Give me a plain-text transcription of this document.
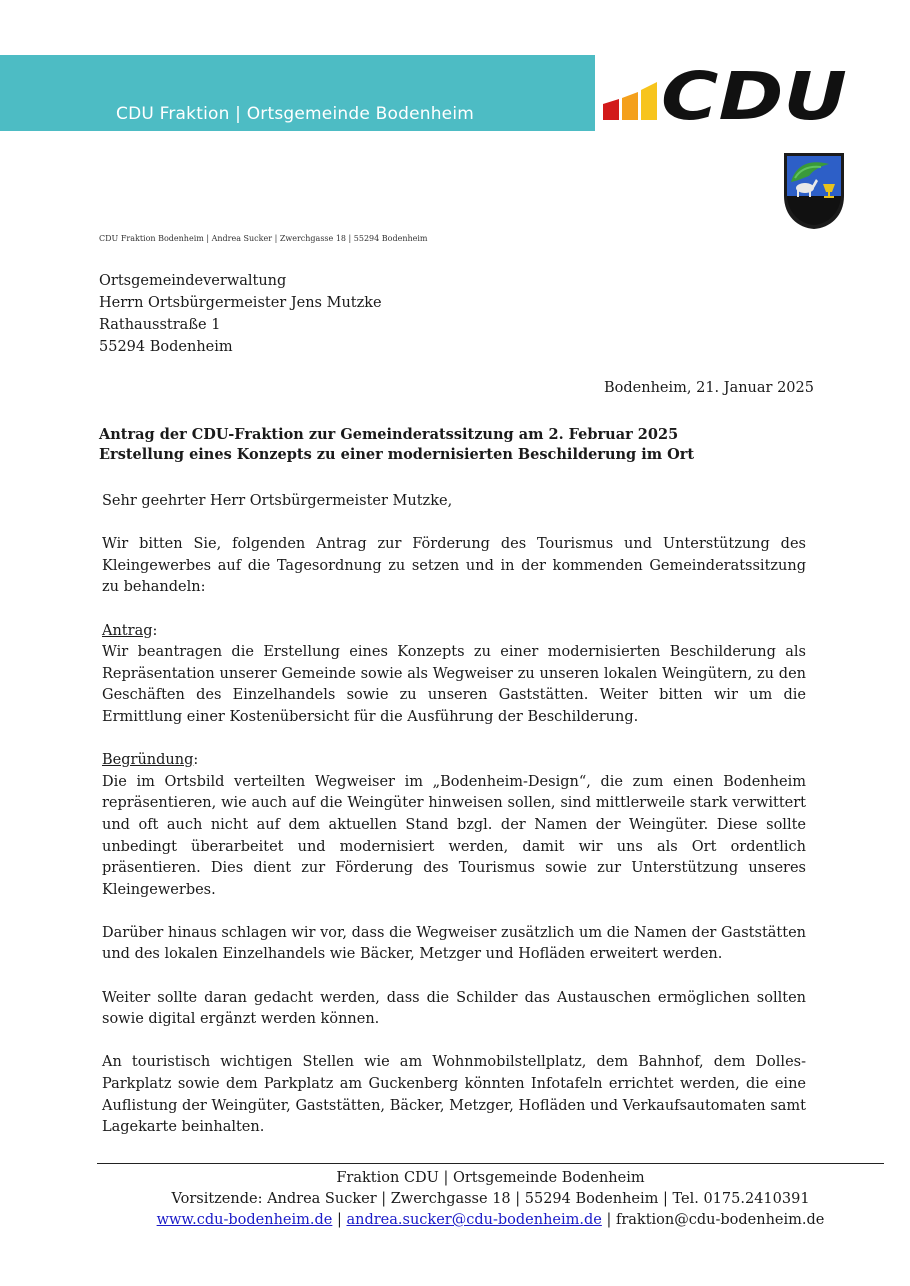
CDU Fraktion | Ortsgemeinde Bodenheim	CDU
CDU Fraktion Bodenheim | Andrea Sucker | Zwerchgasse 18 | 55294 Bodenheim
Ortsgemeindeverwaltung
Herrn Ortsbürgermeister Jens Mutzke
Rathausstraße 1
55294 Bodenheim
Bodenheim, 21. Januar 2025
Antrag der CDU-Fraktion zur Gemeinderatssitzung am 2. Februar 2025
Erstellung eines Konzepts zu einer modernisierten Beschilderung im Ort

Sehr geehrter Herr Ortsbürgermeister Mutzke,

Wir bitten Sie, folgenden Antrag zur Förderung des Tourismus und Unterstützung des Kleingewerbes auf die Tagesordnung zu setzen und in der kommenden Gemeinderatssitzung zu behandeln:

Antrag:

Wir beantragen die Erstellung eines Konzepts zu einer modernisierten Beschilderung als Repräsentation unserer Gemeinde sowie als Wegweiser zu unseren lokalen Weingütern, zu den Geschäften des Einzelhandels sowie zu unseren Gaststätten. Weiter bitten wir um die Ermittlung einer Kostenübersicht für die Ausführung der Beschilderung.

Begründung:

Die im Ortsbild verteilten Wegweiser im „Bodenheim-Design“, die zum einen Bodenheim repräsentieren, wie auch auf die Weingüter hinweisen sollen, sind mittlerweile stark verwittert und oft auch nicht auf dem aktuellen Stand bzgl. der Namen der Weingüter. Diese sollte unbedingt überarbeitet und modernisiert werden, damit wir uns als Ort ordentlich präsentieren. Dies dient zur Förderung des Tourismus sowie zur Unterstützung unseres Kleingewerbes.

Darüber hinaus schlagen wir vor, dass die Wegweiser zusätzlich um die Namen der Gaststätten und des lokalen Einzelhandels wie Bäcker, Metzger und Hofläden erweitert werden.

Weiter sollte daran gedacht werden, dass die Schilder das Austauschen ermöglichen sollten sowie digital ergänzt werden können.

An touristisch wichtigen Stellen wie am Wohnmobilstellplatz, dem Bahnhof, dem Dolles-Parkplatz sowie dem Parkplatz am Guckenberg könnten Infotafeln errichtet werden, die eine Auflistung der Weingüter, Gaststätten, Bäcker, Metzger, Hofläden und Verkaufsautomaten samt Lagekarte beinhalten.

Fraktion CDU | Ortsgemeinde Bodenheim
Vorsitzende: Andrea Sucker | Zwerchgasse 18 | 55294 Bodenheim | Tel. 0175.2410391
www.cdu-bodenheim.de | andrea.sucker@cdu-bodenheim.de | fraktion@cdu-bodenheim.de
